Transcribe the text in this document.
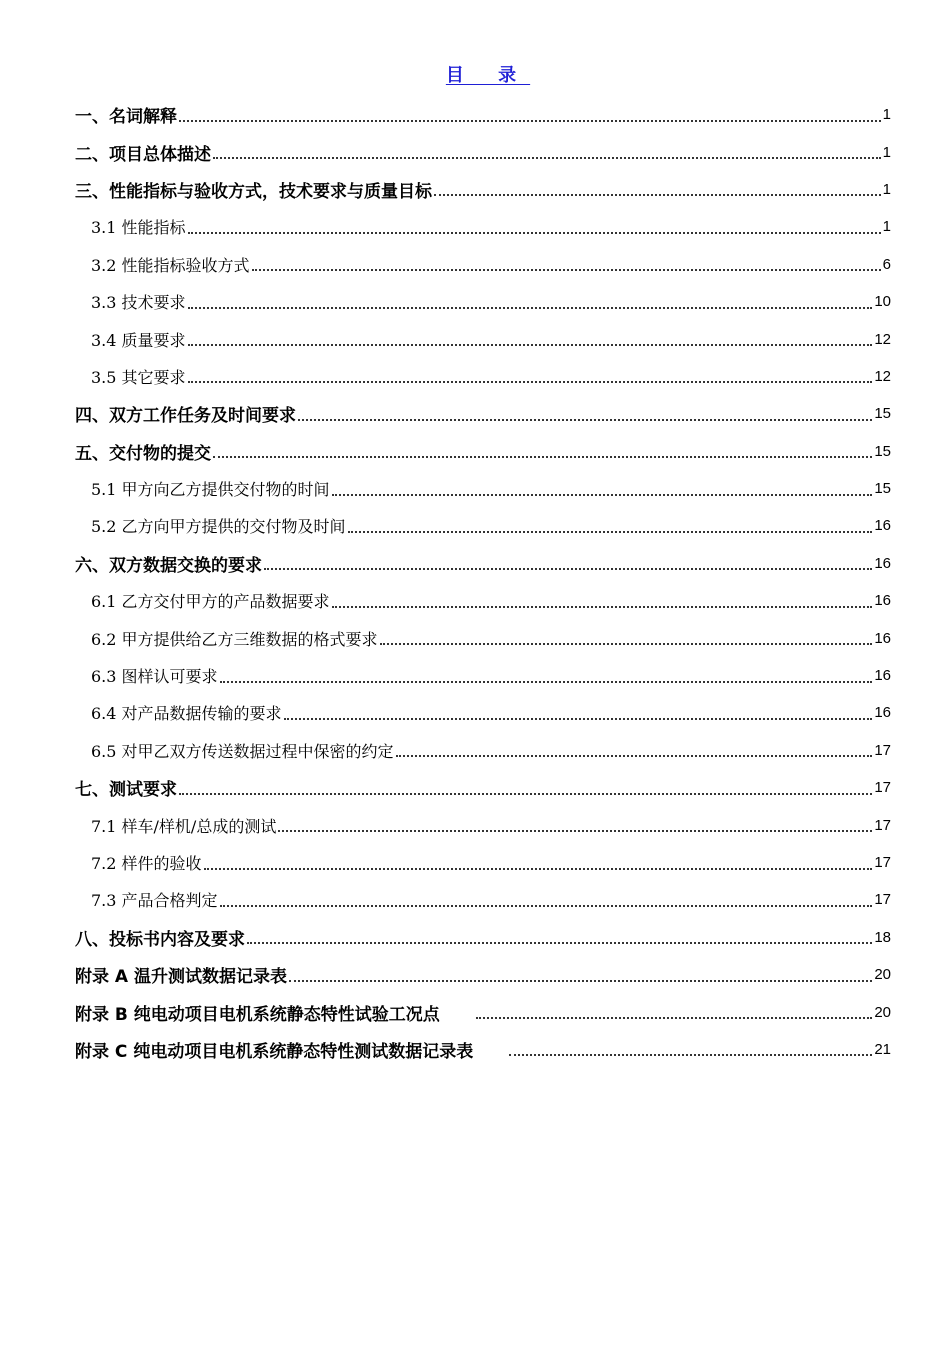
目 录
一、名词解释	1
二、项目总体描述	1
三、性能指标与验收方式，技术要求与质量目标	1
3.1 性能指标	1
3.2 性能指标验收方式	6
3.3 技术要求	10
3.4 质量要求	12
3.5 其它要求	12
四、双方工作任务及时间要求	15
五、交付物的提交	15
5.1 甲方向乙方提供交付物的时间	15
5.2 乙方向甲方提供的交付物及时间	16
六、双方数据交换的要求	16
6.1 乙方交付甲方的产品数据要求	16
6.2 甲方提供给乙方三维数据的格式要求	16
6.3 图样认可要求	16
6.4 对产品数据传输的要求	16
6.5 对甲乙双方传送数据过程中保密的约定	17
七、测试要求	17
7.1 样车/样机/总成的测试	17
7.2 样件的验收	17
7.3 产品合格判定	17
八、投标书内容及要求	18
附录 A 温升测试数据记录表	20
附录 B 纯电动项目电机系统静态特性试验工况点	20
附录 C 纯电动项目电机系统静态特性测试数据记录表	21
